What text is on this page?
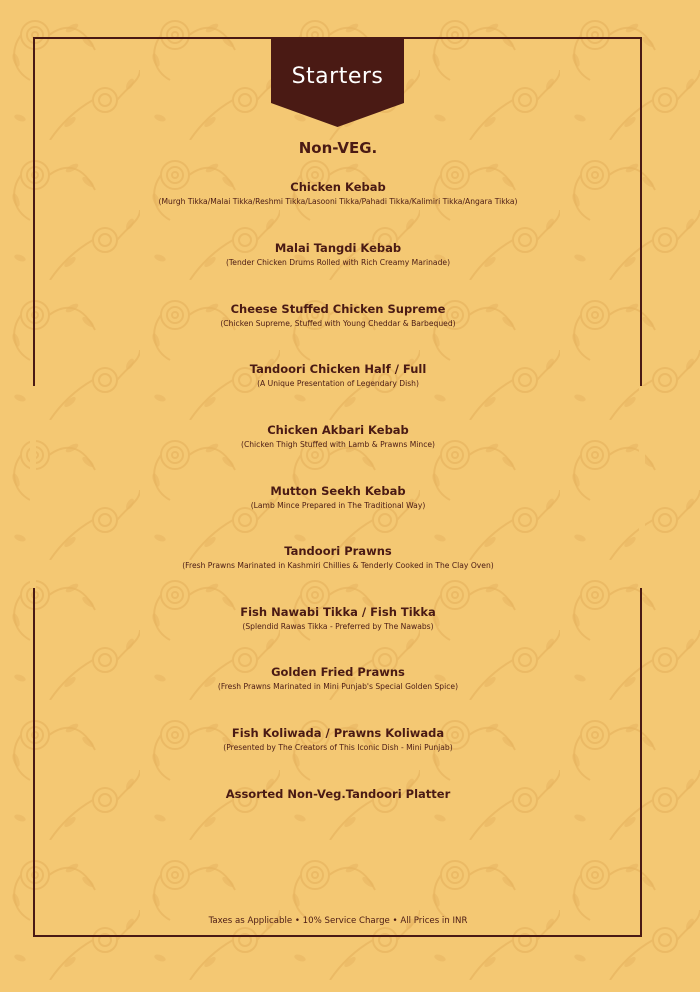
Starters
Non-VEG.
Chicken Kebab
(Murgh Tikka/Malai Tikka/Reshmi Tikka/Lasooni Tikka/Pahadi Tikka/Kalimiri Tikka/Angara Tikka)
Malai Tangdi Kebab
(Tender Chicken Drums Rolled with Rich Creamy Marinade)
Cheese Stuffed Chicken Supreme
(Chicken Supreme, Stuffed with Young Cheddar & Barbequed)
Tandoori Chicken Half / Full
(A Unique Presentation of Legendary Dish)
Chicken Akbari Kebab
(Chicken Thigh Stuffed with Lamb & Prawns Mince)
Mutton Seekh Kebab
(Lamb Mince Prepared in The Traditional Way)
Tandoori Prawns
(Fresh Prawns Marinated in Kashmiri Chillies & Tenderly Cooked in The Clay Oven)
Fish Nawabi Tikka / Fish Tikka
(Splendid Rawas Tikka - Preferred by The Nawabs)
Golden Fried Prawns
(Fresh Prawns Marinated in Mini Punjab's Special Golden Spice)
Fish Koliwada / Prawns Koliwada
(Presented by The Creators of This Iconic Dish - Mini Punjab)
Assorted Non-Veg.Tandoori Platter
Taxes as Applicable • 10% Service Charge • All Prices in INR
